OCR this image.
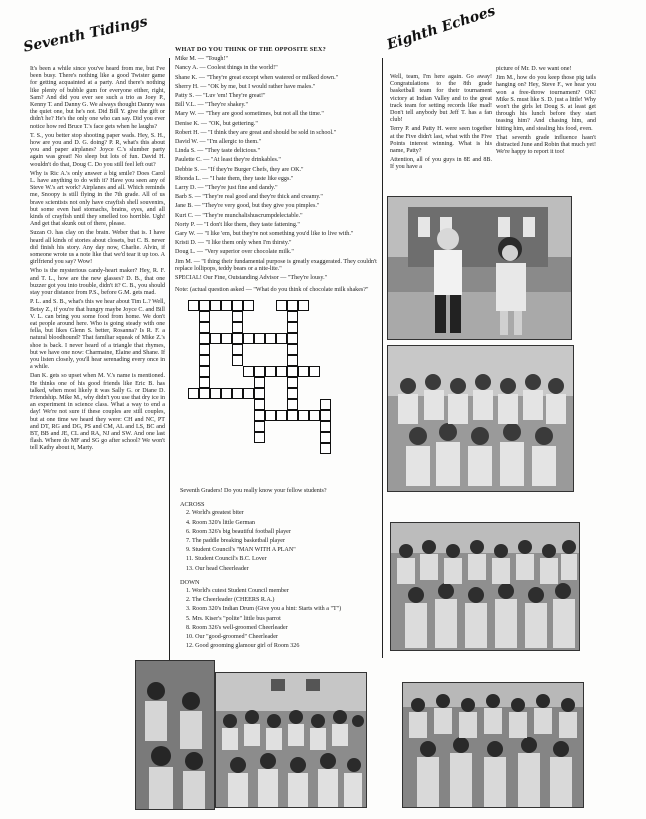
Seventh Tidings	Eighth Echoes

It's been a while since you've heard from me, but I've been busy. There's nothing like a good Twister game for getting acquainted at a party. And there's nothing like plenty of bubble gum for everyone either, right, Sam? And did you ever see such a trio as Joey P., Kenny T. and Danny G. We always thought Danny was the quiet one, but he's not. Did Bill Y. give the gift or didn't he? He's the only one who can say. Did you ever notice how red Bruce T.'s face gets when he laughs?

T. S., you better stop shooting paper wads. Hey, S. H., how are you and D. G. doing? P. R, what's this about you and paper airplanes? Joyce C.'s slumber party again was great! No sleep but lots of fun. David H. wouldn't do that, Doug C. Do you still feel left out?

Why is Ric A.'s only answer a big smile? Does Carol L. have anything to do with it? Have you seen any of Steve W.'s art work? Airplanes and all. Which reminds me, Snoopy is still flying in the 7th grade. All of us brave scientists not only have crayfish shell souvenirs, but some even had stomachs, brains, eyes, and all kinds of crayfish until they smelled too horrible. Ugh! And get that skunk out of there, please.

Suzan O. has clay on the brain. Weber that is. I have heard all kinds of stories about closets, but C. B. never did finish his story. Any day now, Charlie. Alvin, if someone wrote us a note like that we'd tear it up too. A girlfriend you say? Wow!

Who is the mysterious candy-heart maker? Hey, R. F. and T. L., how are the new glasses? D. B., that one buzzer got you into trouble, didn't it? C. B., you should stay your distance from P.S., before G.M. gets mad.

P. L. and S. B., what's this we hear about Tim L.? Well, Betsy Z., if you're that hungry maybe Joyce C. and Bill V. L. can bring you some food from home. We don't eat people around here. Who is going steady with one fella, but likes Glenn S. better, Rosanna? Is R. F. a natural bloodhound? That familiar squeak of Mike Z.'s shoe is back. I never heard of a triangle that rhymes, but we have one now: Charmaine, Elaine and Shane. If you listen closely, you'll hear serenading every once in a while.

Dan K. gets so upset when M. V.'s name is mentioned. He thinks one of his good friends like Eric B. has talked, when most likely it was Sally G. or Diane D. Friendship. Mike M., why didn't you use that dry ice in an experiment in science class. What a way to end a day! We're not sure if these couples are still couples, but at one time we heard they were: CH and NC, PT and DT, RG and DG, PS and CM, AL and LS, BC and BT, BB and JE, CL and RA, NJ and SW. And one last flash. Where do MF and SG go after school? We won't tell Kathy about it, Marty.

WHAT DO YOU THINK OF THE OPPOSITE SEX?

Mike M. — "Tough!"

Nancy A. — Coolest things in the world!"

Shane K. — "They're great except when watered or milked down."

Sherry H. — "OK by me, but I would rather have males."

Patty S. — "Luv 'em! They're great!"

Bill V.L. — "They're shakey."

Mary W. — "They are good sometimes, but not all the time."

Denise K. — "OK, but gettering."

Robert H. — "I think they are great and should be sold in school."

David W. — "I'm allergic to them."

Linda S. — "They taste delicious."

Paulette C. — "At least they're drinkables."

Debbie S. — "If they're Burger Chefs, they are OK."

Rhonda L. — "I hate them, they taste like eggs."

Larry D. — "They're just fine and dandy."

Barb S. — "They're real good and they're thick and creamy."

Jane B. — "They're very good, but they give you pimples."

Kurt C. — "They're munchalishuscrumpdelectable."

Norty P. — "I don't like them, they taste fattening."

Gary W. — "I like 'em, but they're not something you'd like to live with."

Kristi D. — "I like them only when I'm thirsty."

Doug L. — "Very superior over chocolate milk."

Jim M. — "I thing their fundamental purpose is greatly exaggerated. They couldn't replace lollipops, teddy bears or a nite-lite."

SPECIAL! Our Fine, Outstanding Advisor — "They're lousy."

Note: (actual question asked — "What do you think of chocolate milk shakes?"

Seventh Graders! Do you really know your fellow students?

ACROSS

2. World's greatest biter

4. Room 320's little German

6. Room 326's big beautiful football player

7. The paddle breaking basketball player

9. Student Council's "MAN WITH A PLAN"

11. Student Council's B.C. Lover

13. Our head Cheerleader

DOWN

1. World's cutest Student Council member

2. The Cheerleader (CHEERS R.A.)

3. Room 320's Indian Drum (Give you a hint: Starts with a "T")

5. Mrs. Kiser's "polite" little bus parrot

8. Room 326's well-groomed Cheerleader

10. Our "good-groomed" Cheerleader

12. Good grooming glamour girl of Room 326

Well, team, I'm here again. Go away! Congratulations to the 8th grade basketball team for their tournament victory at Indian Valley and to the great track team for setting records like mad! Don't tell anybody but Jeff T. has a fan club!

Terry P. and Patty H. were seen together at the Five didn't last, what with the Five Points interest winning. What is his name, Patty?

Attention, all of you guys in 8E and 8B. If you have a

picture of Mr. D. we want one!

Jim M., how do you keep those pig tails hanging on? Hey, Steve F., we hear you won a free-throw tournament? OK! Mike S. must like S. D. just a little! Why won't the girls let Doug S. at least get through his lunch before they start teasing him? And chasing him, and hitting him, and stealing his food, even.

That seventh grade influence hasn't distracted June and Robin that much yet! We're happy to report it too!
